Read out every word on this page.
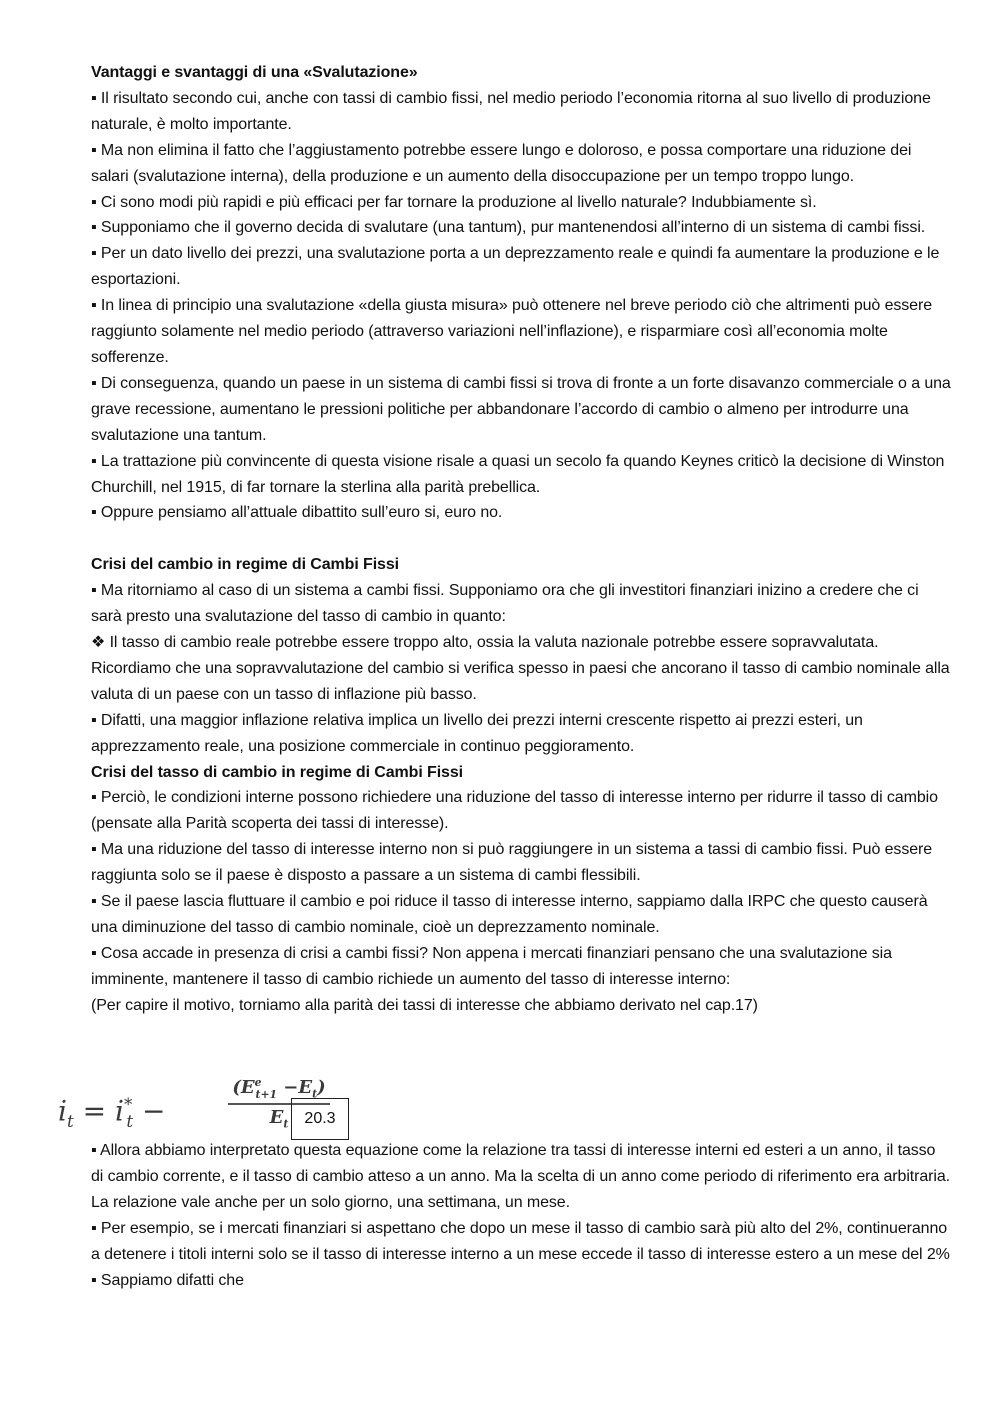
Vantaggi e svantaggi di una «Svalutazione»

▪ Il risultato secondo cui, anche con tassi di cambio fissi, nel medio periodo l’economia ritorna al suo livello di produzione naturale, è molto importante.

▪ Ma non elimina il fatto che l’aggiustamento potrebbe essere lungo e doloroso, e possa comportare una riduzione dei salari (svalutazione interna), della produzione e un aumento della disoccupazione per un tempo troppo lungo.

▪ Ci sono modi più rapidi e più efficaci per far tornare la produzione al livello naturale? Indubbiamente sì.

▪ Supponiamo che il governo decida di svalutare (una tantum), pur mantenendosi all’interno di un sistema di cambi fissi.

▪ Per un dato livello dei prezzi, una svalutazione porta a un deprezzamento reale e quindi fa aumentare la produzione e le esportazioni.

▪ In linea di principio una svalutazione «della giusta misura» può ottenere nel breve periodo ciò che altrimenti può essere raggiunto solamente nel medio periodo (attraverso variazioni nell’inflazione), e risparmiare così all’economia molte sofferenze.

▪ Di conseguenza, quando un paese in un sistema di cambi fissi si trova di fronte a un forte disavanzo commerciale o a una grave recessione, aumentano le pressioni politiche per abbandonare l’accordo di cambio o almeno per introdurre una svalutazione una tantum.

▪ La trattazione più convincente di questa visione risale a quasi un secolo fa quando Keynes criticò la decisione di Winston Churchill, nel 1915, di far tornare la sterlina alla parità prebellica.

▪ Oppure pensiamo all’attuale dibattito sull’euro si, euro no.

Crisi del cambio in regime di Cambi Fissi

▪ Ma ritorniamo al caso di un sistema a cambi fissi. Supponiamo ora che gli investitori finanziari inizino a credere che ci sarà presto una svalutazione del tasso di cambio in quanto:

❖ Il tasso di cambio reale potrebbe essere troppo alto, ossia la valuta nazionale potrebbe essere sopravvalutata. Ricordiamo che una sopravvalutazione del cambio si verifica spesso in paesi che ancorano il tasso di cambio nominale alla valuta di un paese con un tasso di inflazione più basso.

▪ Difatti, una maggior inflazione relativa implica un livello dei prezzi interni crescente rispetto ai prezzi esteri, un apprezzamento reale, una posizione commerciale in continuo peggioramento.

Crisi del tasso di cambio in regime di Cambi Fissi

▪ Perciò, le condizioni interne possono richiedere una riduzione del tasso di interesse interno per ridurre il tasso di cambio (pensate alla Parità scoperta dei tassi di interesse).

▪ Ma una riduzione del tasso di interesse interno non si può raggiungere in un sistema a tassi di cambio fissi. Può essere raggiunta solo se il paese è disposto a passare a un sistema di cambi flessibili.

▪ Se il paese lascia fluttuare il cambio e poi riduce il tasso di interesse interno, sappiamo dalla IRPC che questo causerà una diminuzione del tasso di cambio nominale, cioè un deprezzamento nominale.

▪ Cosa accade in presenza di crisi a cambi fissi? Non appena i mercati finanziari pensano che una svalutazione sia imminente, mantenere il tasso di cambio richiede un aumento del tasso di interesse interno:

(Per capire il motivo, torniamo alla parità dei tassi di interesse che abbiamo derivato nel cap.17)

$i_t = i^*_t$ −
$(E^e_{t+1} -E_t)$
$E_t$	20.3

▪ Allora abbiamo interpretato questa equazione come la relazione tra tassi di interesse interni ed esteri a un anno, il tasso di cambio corrente, e il tasso di cambio atteso a un anno. Ma la scelta di un anno come periodo di riferimento era arbitraria. La relazione vale anche per un solo giorno, una settimana, un mese.

▪ Per esempio, se i mercati finanziari si aspettano che dopo un mese il tasso di cambio sarà più alto del 2%, continueranno a detenere i titoli interni solo se il tasso di interesse interno a un mese eccede il tasso di interesse estero a un mese del 2%

▪ Sappiamo difatti che
